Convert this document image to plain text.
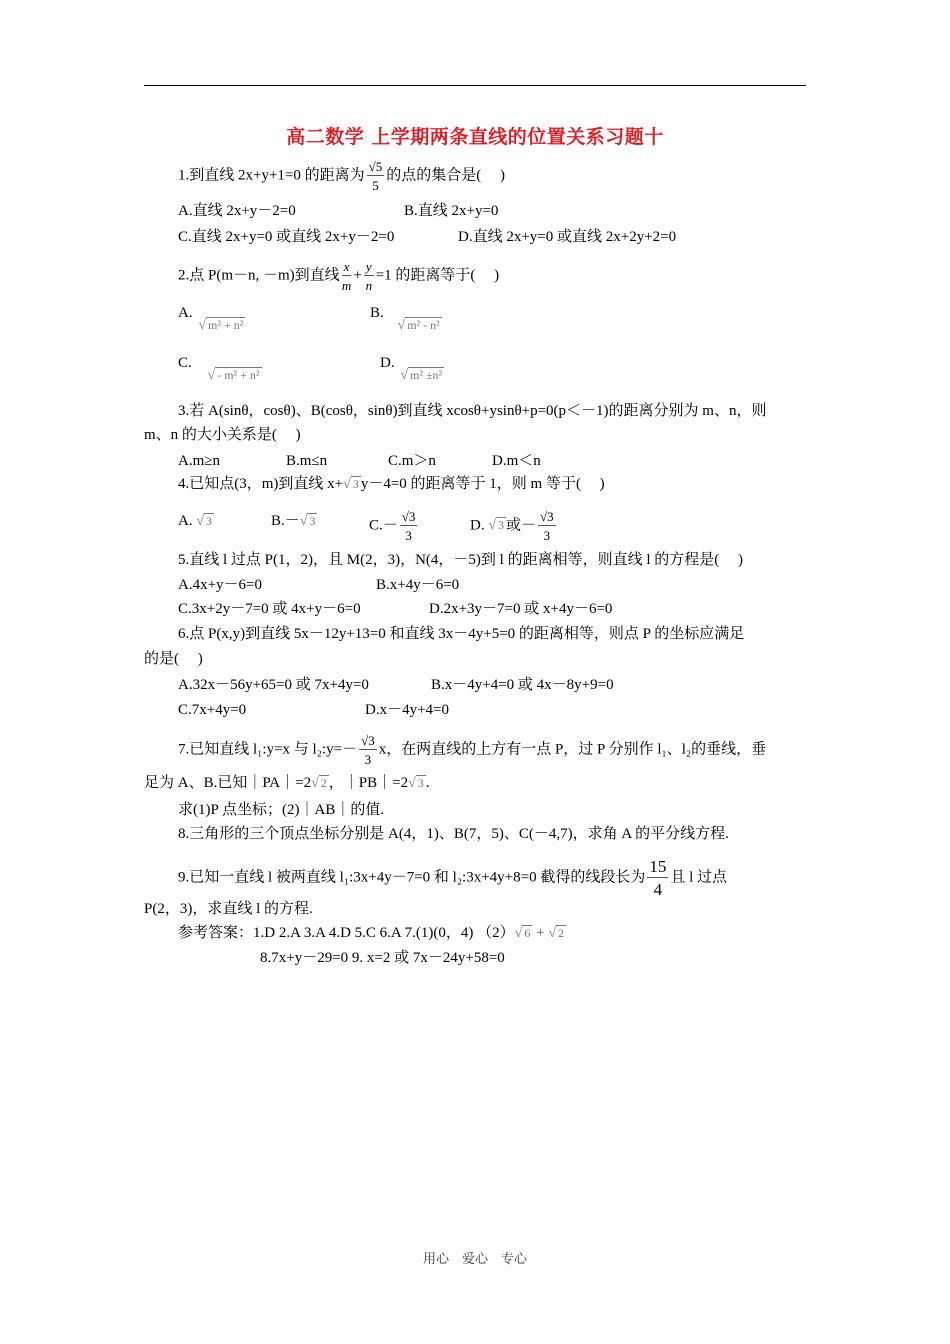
高二数学 上学期两条直线的位置关系习题十
1.到直线 2x+y+1=0 的距离为 $\frac{√5}{5}$ 的点的集合是(　 )
A.直线 2x+y－2=0	B.直线 2x+y=0
C.直线 2x+y=0 或直线 2x+y－2=0	D.直线 2x+y=0 或直线 2x+2y+2=0
2.点 P(m－n, －m)到直线 $\frac{x}{m} + \frac{y}{n} =1$ 的距离等于(　 )
A. √ m² + n²
B. √ m² - n²
C. √ - m² + n²
D. √ m² ±n²
3.若 A(sinθ，cosθ)、B(cosθ，sinθ)到直线 xcosθ+ysinθ+p=0(p＜－1)的距离分别为 m、n，则
m、n 的大小关系是(　 )
A.m≥n	B.m≤n	C.m＞n	D.m＜n
4.已知点(3，m)到直线 x+√ 3 y－4=0 的距离等于 1，则 m 等于(　 )
A. √ 3	B.－√ 3	$C.- \frac{√3}{3}$	D. √ 3 或－ $\frac{√3}{3}$
5.直线 l 过点 P(1，2)，且 M(2，3)，N(4，－5)到 l 的距离相等，则直线 l 的方程是(　 )
A.4x+y－6=0	B.x+4y－6=0
C.3x+2y－7=0 或 4x+y－6=0	D.2x+3y－7=0 或 x+4y－6=0
6.点 P(x,y)到直线 5x－12y+13=0 和直线 3x－4y+5=0 的距离相等，则点 P 的坐标应满足
的是(　 )
A.32x－56y+65=0 或 7x+4y=0	B.x－4y+4=0 或 4x－8y+9=0
C.7x+4y=0	D.x－4y+4=0
7.已知直线 l₁:y=x 与 l₂:y=－ $\frac{√3}{3}$ x，在两直线的上方有一点 P，过 P 分别作 l₁、l₂的垂线，垂
足为 A、B.已知｜PA｜=2√ 2 ，｜PB｜=2√ 3 .
求(1)P 点坐标；(2)｜AB｜的值.
8.三角形的三个顶点坐标分别是 A(4，1)、B(7，5)、C(－4,7)，求角 A 的平分线方程.
9.已知一直线 l 被两直线 l₁:3x+4y－7=0 和 l₂:3x+4y+8=0 截得的线段长为 $\frac{15}{4}$ 且 l 过点
P(2，3)，求直线 l 的方程.
参考答案：1.D 2.A 3.A 4.D 5.C 6.A 7.(1)(0，4) （2）√ 6 + √ 2
8.7x+y－29=0 9. x=2 或 7x－24y+58=0
用心　爱心　专心
